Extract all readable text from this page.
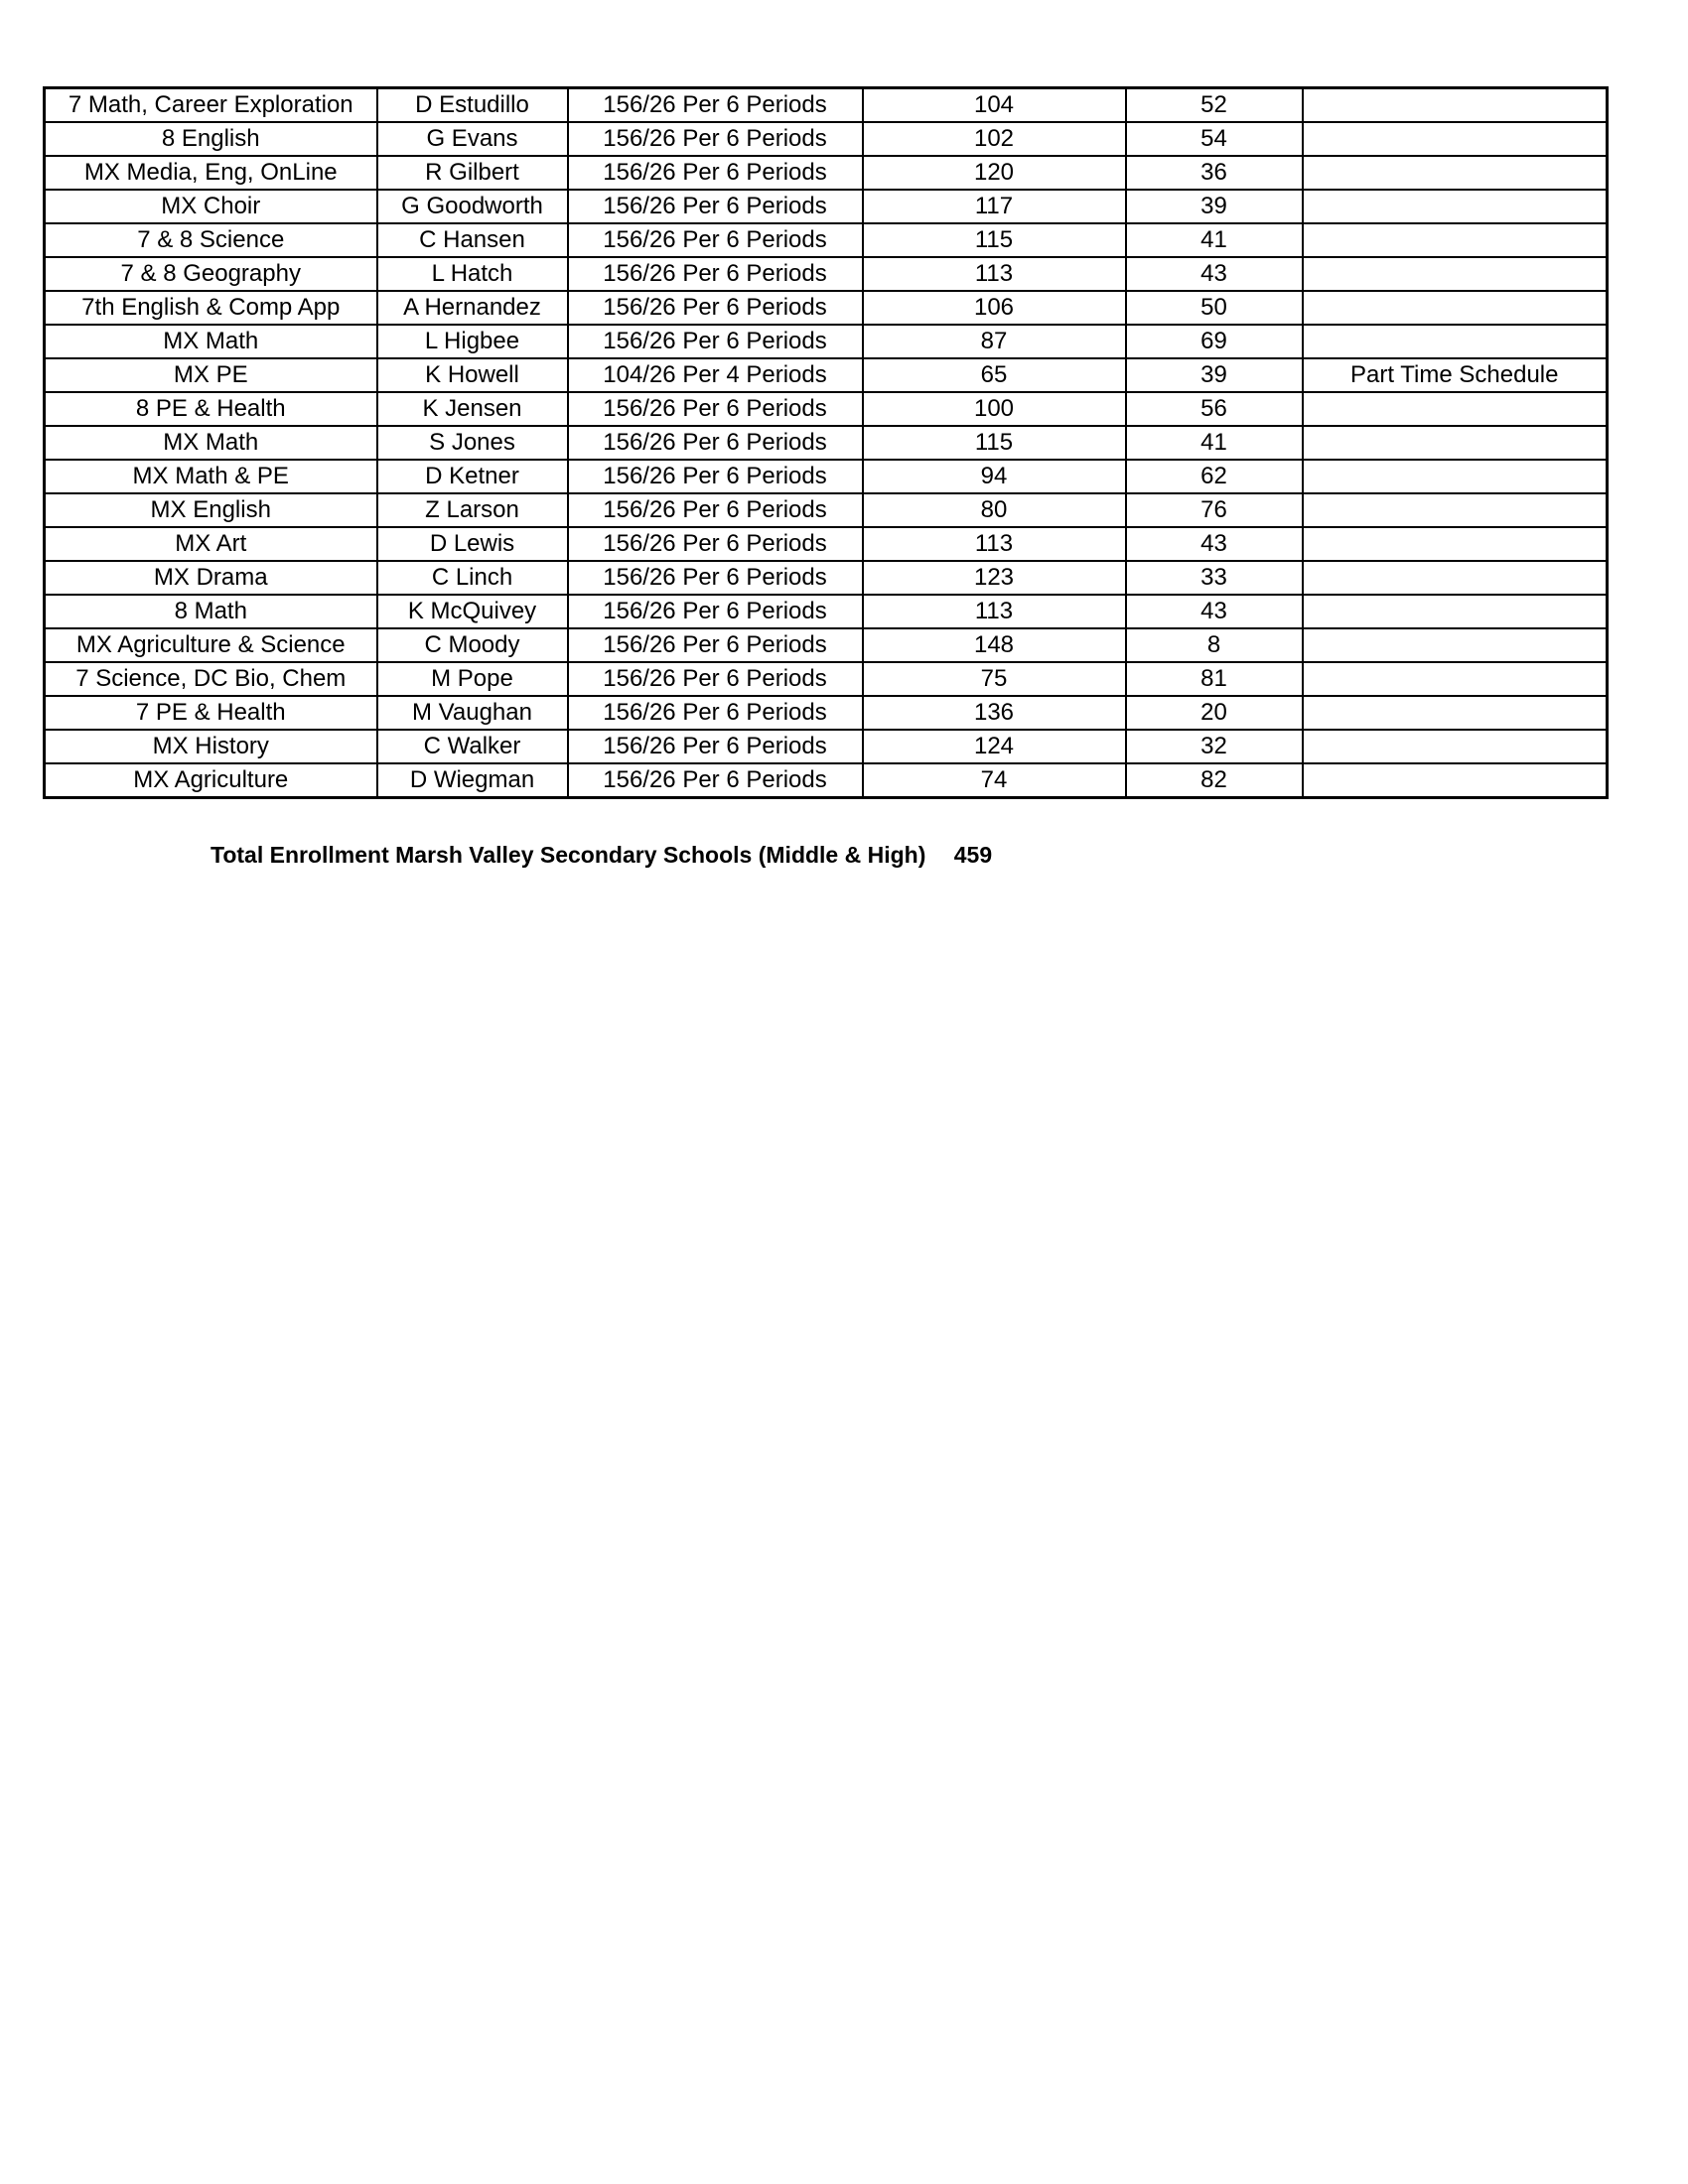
7 Math, Career Exploration	D Estudillo	156/26 Per 6 Periods	104	52	
8 English	G Evans	156/26 Per 6 Periods	102	54	
MX Media, Eng, OnLine	R Gilbert	156/26 Per 6 Periods	120	36	
MX Choir	G Goodworth	156/26 Per 6 Periods	117	39	
7 & 8 Science	C Hansen	156/26 Per 6 Periods	115	41	
7 & 8 Geography	L Hatch	156/26 Per 6 Periods	113	43	
7th English & Comp App	A Hernandez	156/26 Per 6 Periods	106	50	
MX Math	L Higbee	156/26 Per 6 Periods	87	69	
MX PE	K Howell	104/26 Per 4 Periods	65	39	Part Time Schedule
8 PE & Health	K Jensen	156/26 Per 6 Periods	100	56	
MX Math	S Jones	156/26 Per 6 Periods	115	41	
MX Math & PE	D Ketner	156/26 Per 6 Periods	94	62	
MX English	Z Larson	156/26 Per 6 Periods	80	76	
MX Art	D Lewis	156/26 Per 6 Periods	113	43	
MX Drama	C Linch	156/26 Per 6 Periods	123	33	
8 Math	K McQuivey	156/26 Per 6 Periods	113	43	
MX Agriculture & Science	C Moody	156/26 Per 6 Periods	148	8	
7 Science, DC Bio, Chem	M Pope	156/26 Per 6 Periods	75	81	
7 PE & Health	M Vaughan	156/26 Per 6 Periods	136	20	
MX History	C Walker	156/26 Per 6 Periods	124	32	
MX Agriculture	D Wiegman	156/26 Per 6 Periods	74	82	
Total Enrollment Marsh Valley Secondary Schools (Middle & High) 459
